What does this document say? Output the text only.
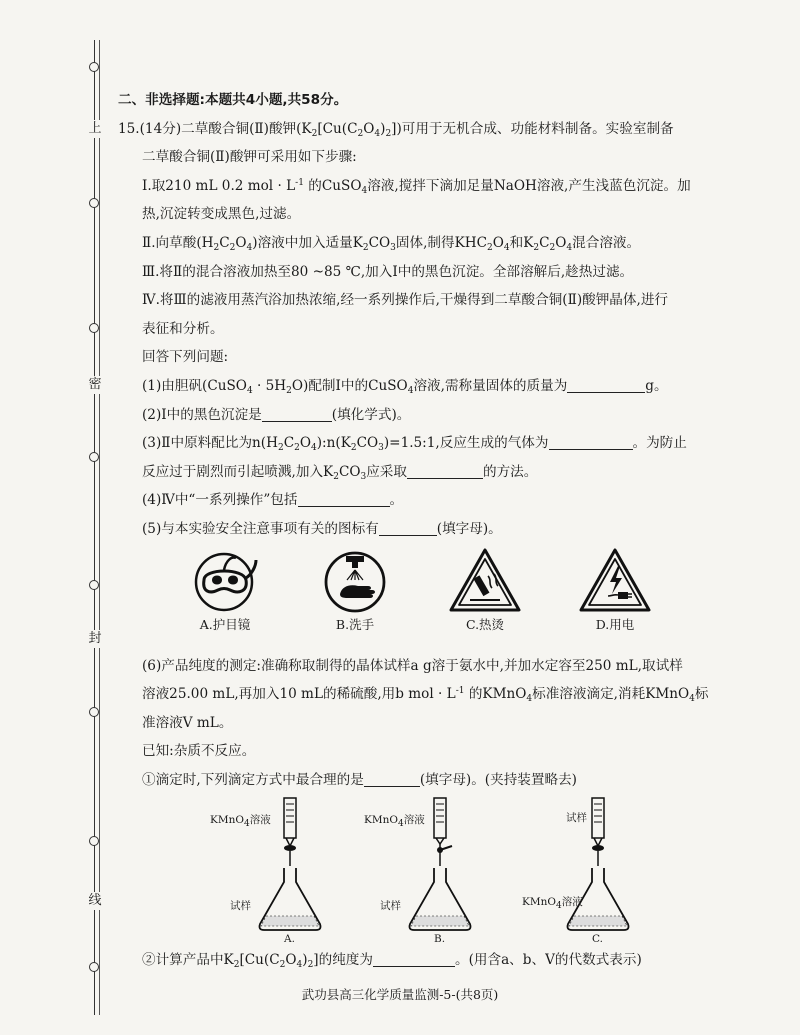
上
密
封
线
二、非选择题:本题共4小题,共58分。
15.(14分)二草酸合铜(Ⅱ)酸钾$(K_2[Cu(C_2O_4)_2])$可用于无机合成、功能材料制备。实验室制备
二草酸合铜(Ⅱ)酸钾可采用如下步骤:
Ⅰ.取210 mL 0.2 mol · $L^{-1}$ 的CuSO$_4$溶液,搅拌下滴加足量NaOH溶液,产生浅蓝色沉淀。加
热,沉淀转变成黑色,过滤。
Ⅱ.向草酸$(H_2C_2O_4)$溶液中加入适量$K_2CO_3$固体,制得$KHC_2O_4$和$K_2C_2O_4$混合溶液。
Ⅲ.将Ⅱ的混合溶液加热至80 ~85 ℃,加入Ⅰ中的黑色沉淀。全部溶解后,趁热过滤。
Ⅳ.将Ⅲ的滤液用蒸汽浴加热浓缩,经一系列操作后,干燥得到二草酸合铜(Ⅱ)酸钾晶体,进行
表征和分析。
回答下列问题:
(1)由胆矾(CuSO$_4$ · $5H_2O$)配制Ⅰ中的CuSO$_4$溶液,需称量固体的质量为	g。
(2)Ⅰ中的黑色沉淀是	(填化学式)。
(3)Ⅱ中原料配比为$n(H_2C_2O_4):n(K_2CO_3)=1.5:1$,反应生成的气体为	。为防止
反应过于剧烈而引起喷溅,加入$K_2CO_3$应采取	的方法。
(4)Ⅳ中“一系列操作”包括	。
(5)与本实验安全注意事项有关的图标有	(填字母)。
A.护目镜	B.洗手	C.热烫	D.用电
(6)产品纯度的测定:准确称取制得的晶体试样a g溶于氨水中,并加水定容至250 mL,取试样
溶液25.00 mL,再加入10 mL的稀硫酸,用b mol · $L^{-1}$ 的KMnO$_4$标准溶液滴定,消耗KMnO$_4$标
准溶液V mL。
已知:杂质不反应。
①滴定时,下列滴定方式中最合理的是	(填字母)。(夹持装置略去)
KMnO$_4$溶液
试样
A.
KMnO$_4$溶液
试样
B.
试样
KMnO$_4$溶液
C.
②计算产品中$K_2[Cu(C_2O_4)_2]$的纯度为	。(用含a、b、V的代数式表示)
武功县高三化学质量监测-5-(共8页)
